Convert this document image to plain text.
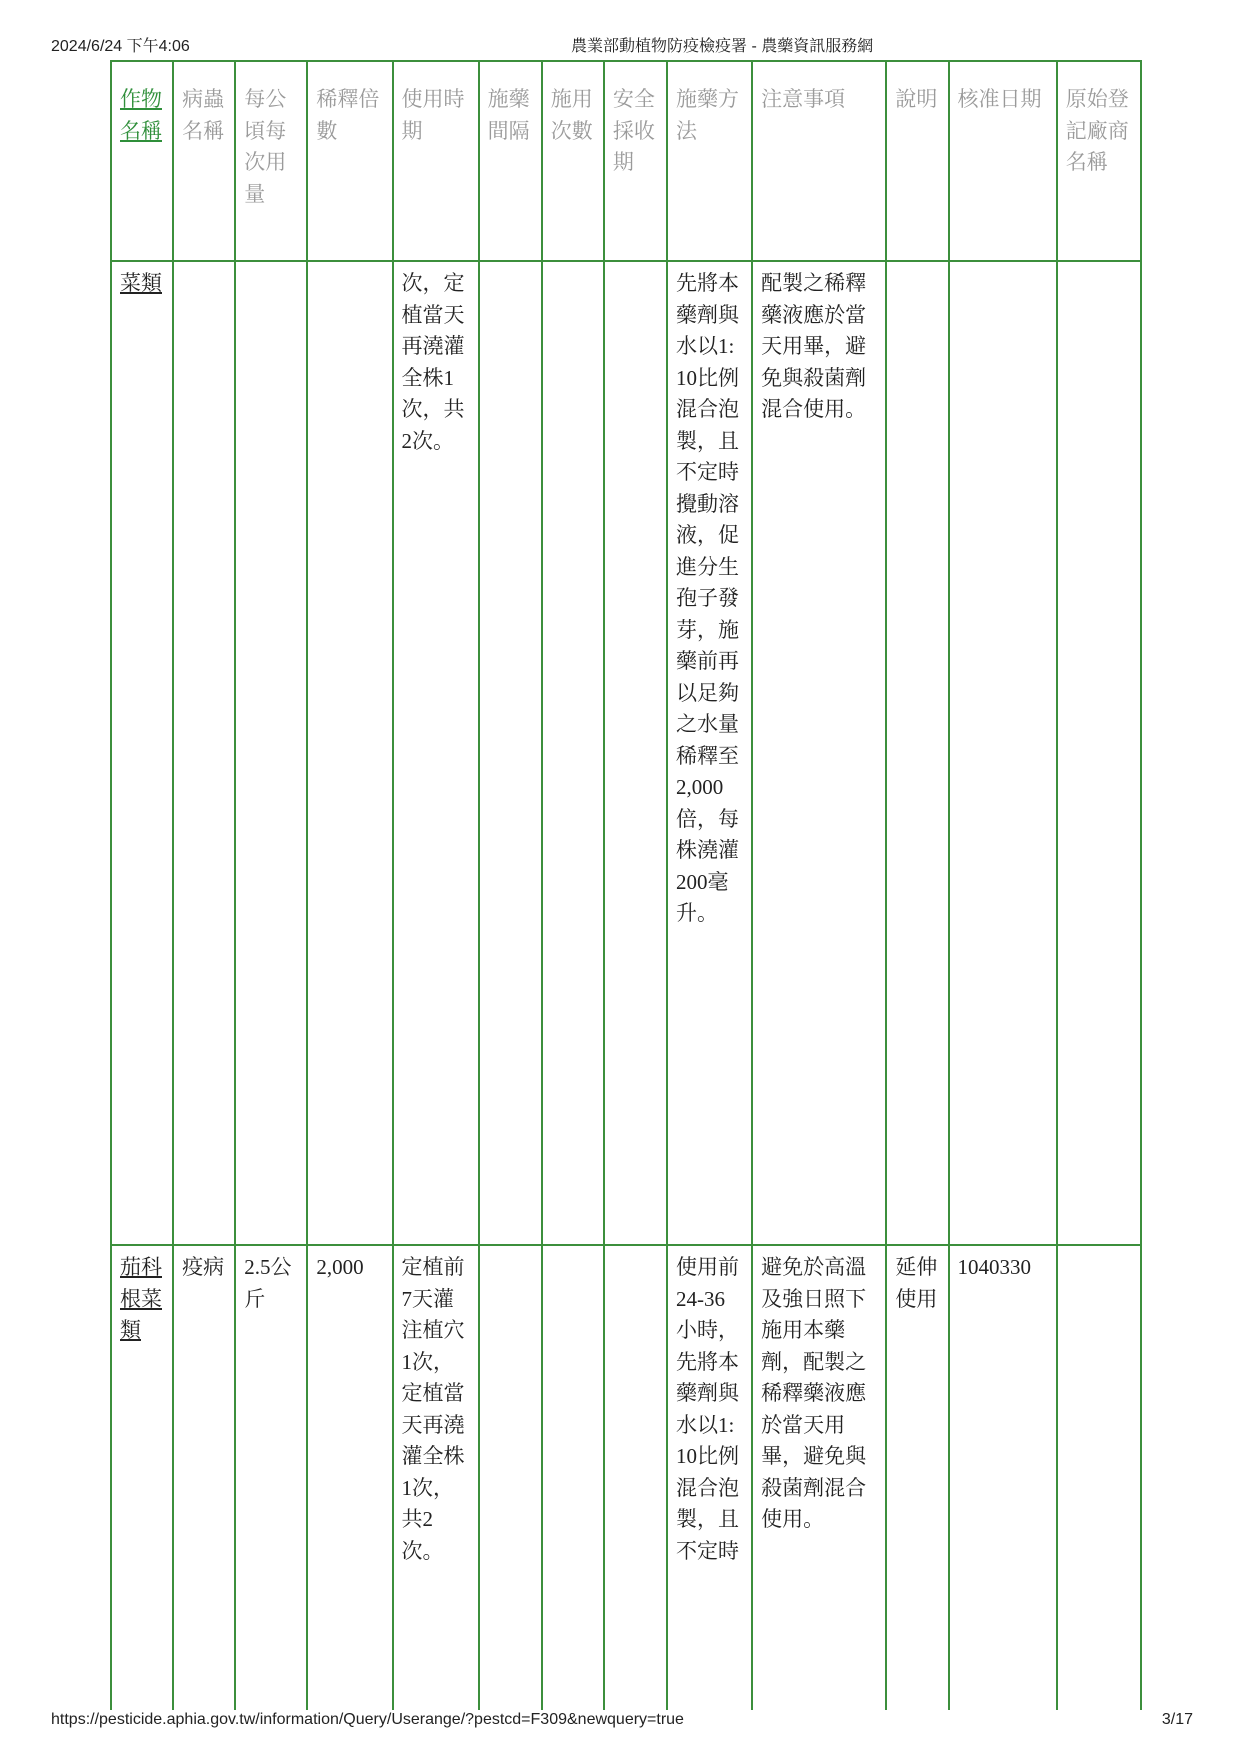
2024/6/24 下午4:06	農業部動植物防疫檢疫署 - 農藥資訊服務網
作物名稱	病蟲名稱	每公頃每次用量	稀釋倍數	使用時期	施藥間隔	施用次數	安全採收期	施藥方法	注意事項	說明	核准日期	原始登記廠商名稱
菜類				次，定植當天再澆灌全株1次，共2次。				先將本藥劑與水以1:10比例混合泡製，且不定時攪動溶液，促進分生孢子發芽，施藥前再以足夠之水量稀釋至2,000倍，每株澆灌200毫升。	配製之稀釋藥液應於當天用畢，避免與殺菌劑混合使用。			
茄科根菜類	疫病	2.5公斤	2,000	定植前7天灌注植穴1次，定植當天再澆灌全株1次，共2次。				使用前24-36小時，先將本藥劑與水以1:10比例混合泡製，且不定時	避免於高溫及強日照下施用本藥劑，配製之稀釋藥液應於當天用畢，避免與殺菌劑混合使用。	延伸使用	1040330	
https://pesticide.aphia.gov.tw/information/Query/Userange/?pestcd=F309&newquery=true	3/17
